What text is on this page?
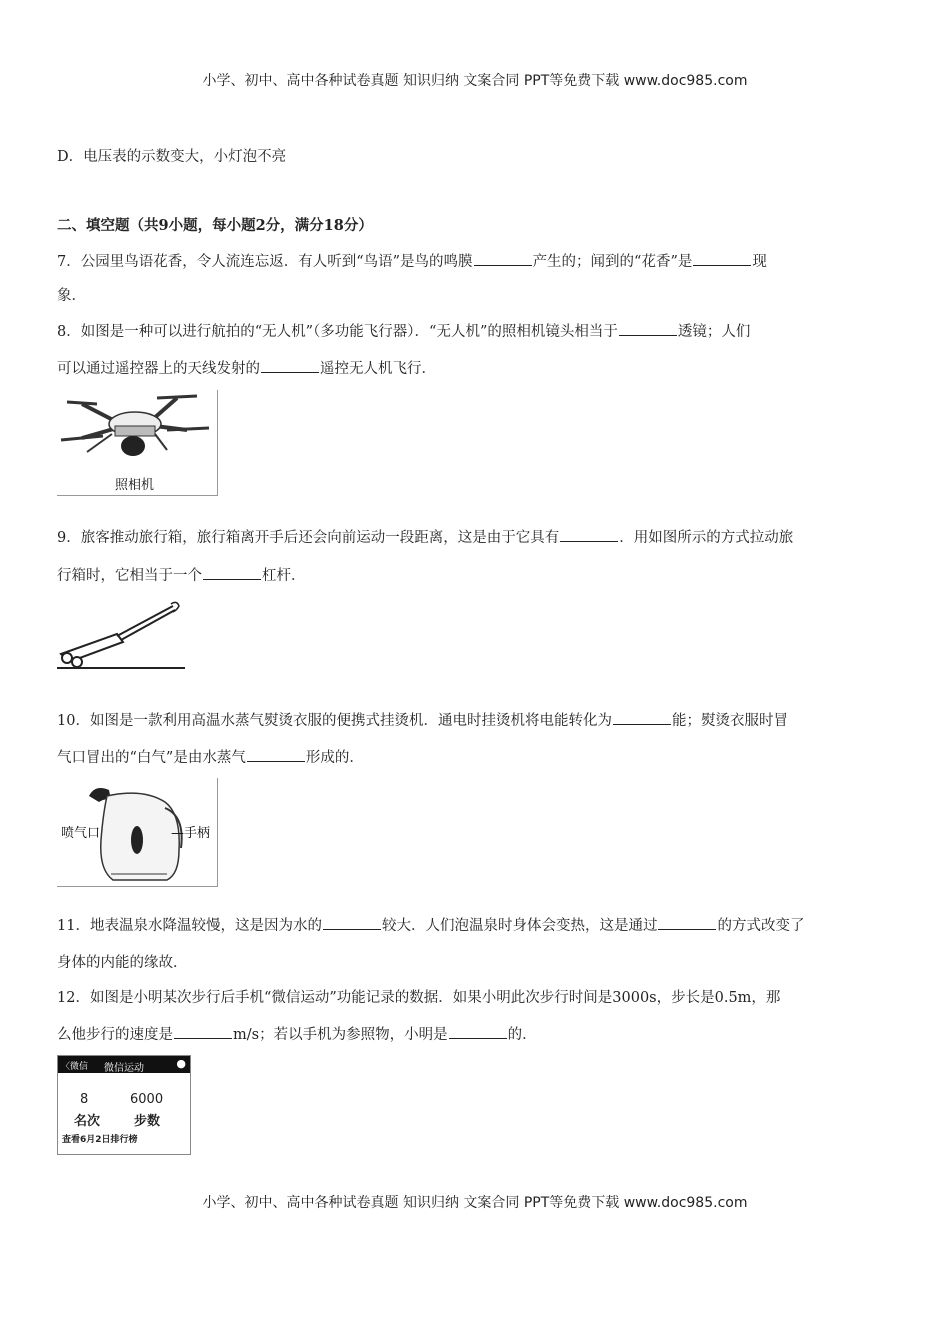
小学、初中、高中各种试卷真题 知识归纳 文案合同 PPT等免费下载 www.doc985.com
D．电压表的示数变大，小灯泡不亮
二、填空题（共9小题，每小题2分，满分18分）
7．公园里鸟语花香，令人流连忘返．有人听到“鸟语”是鸟的鸣膜	产生的；闻到的“花香”是	现
象．
8．如图是一种可以进行航拍的“无人机”（多功能飞行器）．“无人机”的照相机镜头相当于	透镜；人们
可以通过遥控器上的天线发射的	遥控无人机飞行．
照相机
9．旅客推动旅行箱，旅行箱离开手后还会向前运动一段距离，这是由于它具有	．用如图所示的方式拉动旅
行箱时，它相当于一个	杠杆．
10．如图是一款利用高温水蒸气熨烫衣服的便携式挂烫机．通电时挂烫机将电能转化为	能；熨烫衣服时冒
气口冒出的“白气”是由水蒸气	形成的．
喷气口	—手柄
11．地表温泉水降温较慢，这是因为水的	较大．人们泡温泉时身体会变热，这是通过	的方式改变了
身体的内能的缘故．
12．如图是小明某次步行后手机“微信运动”功能记录的数据．如果小明此次步行时间是3000s，步长是0.5m，那
么他步行的速度是	m/s；若以手机为参照物，小明是	的．
〈微信 微信运动	●
8	6000
名次	步数
查看6月2日排行榜
小学、初中、高中各种试卷真题 知识归纳 文案合同 PPT等免费下载 www.doc985.com
